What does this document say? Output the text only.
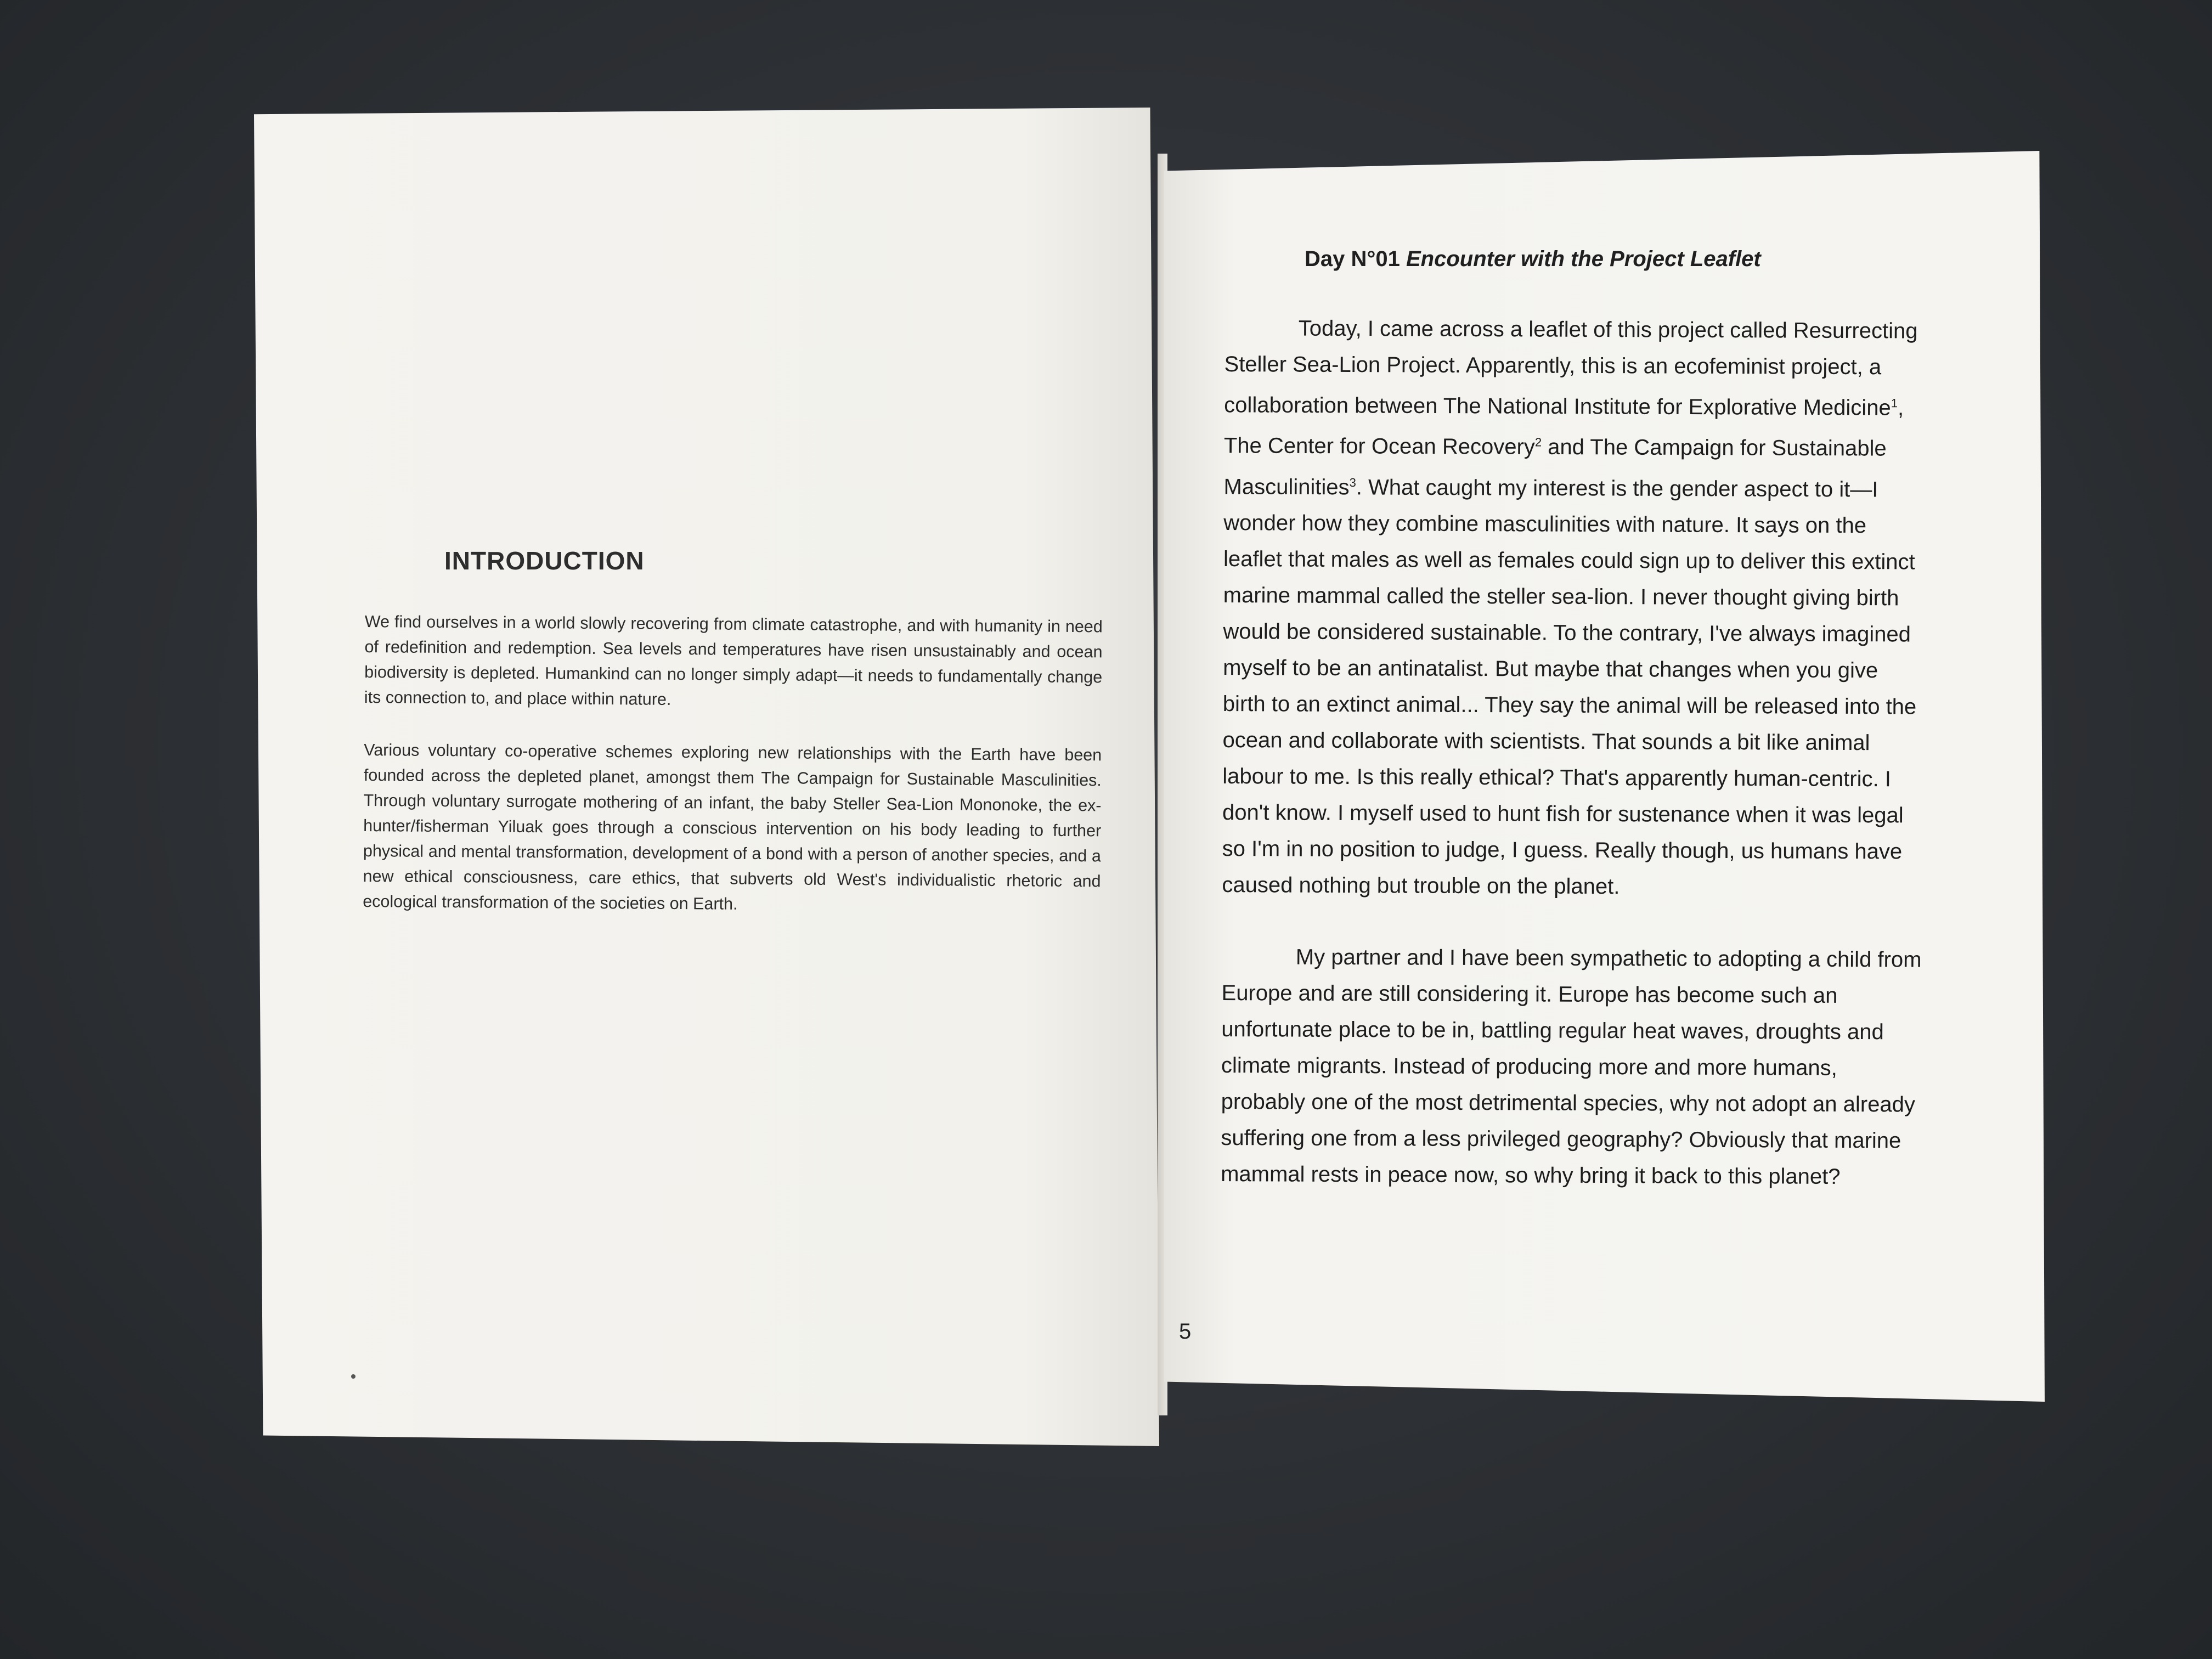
INTRODUCTION

We find ourselves in a world slowly recovering from climate catastrophe, and with humanity in need of redefinition and redemption. Sea levels and temperatures have risen unsustainably and ocean biodiversity is depleted. Humankind can no longer simply adapt—it needs to fundamentally change its connection to, and place within nature.

Various voluntary co-operative schemes exploring new relationships with the Earth have been founded across the depleted planet, amongst them The Campaign for Sustainable Masculinities. Through voluntary surrogate mothering of an infant, the baby Steller Sea-Lion Mononoke, the ex-hunter/fisherman Yiluak goes through a conscious intervention on his body leading to further physical and mental transformation, development of a bond with a person of another species, and a new ethical consciousness, care ethics, that subverts old West's individualistic rhetoric and ecological transformation of the societies on Earth.

Day N°01 Encounter with the Project Leaflet

Today, I came across a leaflet of this project called Resurrecting Steller Sea-Lion Project. Apparently, this is an ecofeminist project, a collaboration between The National Institute for Explorative Medicine$^1$, The Center for Ocean Recovery$^2$ and The Campaign for Sustainable Masculinities$^3$. What caught my interest is the gender aspect to it—I wonder how they combine masculinities with nature. It says on the leaflet that males as well as females could sign up to deliver this extinct marine mammal called the steller sea-lion. I never thought giving birth would be considered sustainable. To the contrary, I've always imagined myself to be an antinatalist. But maybe that changes when you give birth to an extinct animal... They say the animal will be released into the ocean and collaborate with scientists. That sounds a bit like animal labour to me. Is this really ethical? That's apparently human-centric. I don't know. I myself used to hunt fish for sustenance when it was legal so I'm in no position to judge, I guess. Really though, us humans have caused nothing but trouble on the planet.

My partner and I have been sympathetic to adopting a child from Europe and are still considering it. Europe has become such an unfortunate place to be in, battling regular heat waves, droughts and climate migrants. Instead of producing more and more humans, probably one of the most detrimental species, why not adopt an already suffering one from a less privileged geography? Obviously that marine mammal rests in peace now, so why bring it back to this planet?

5
